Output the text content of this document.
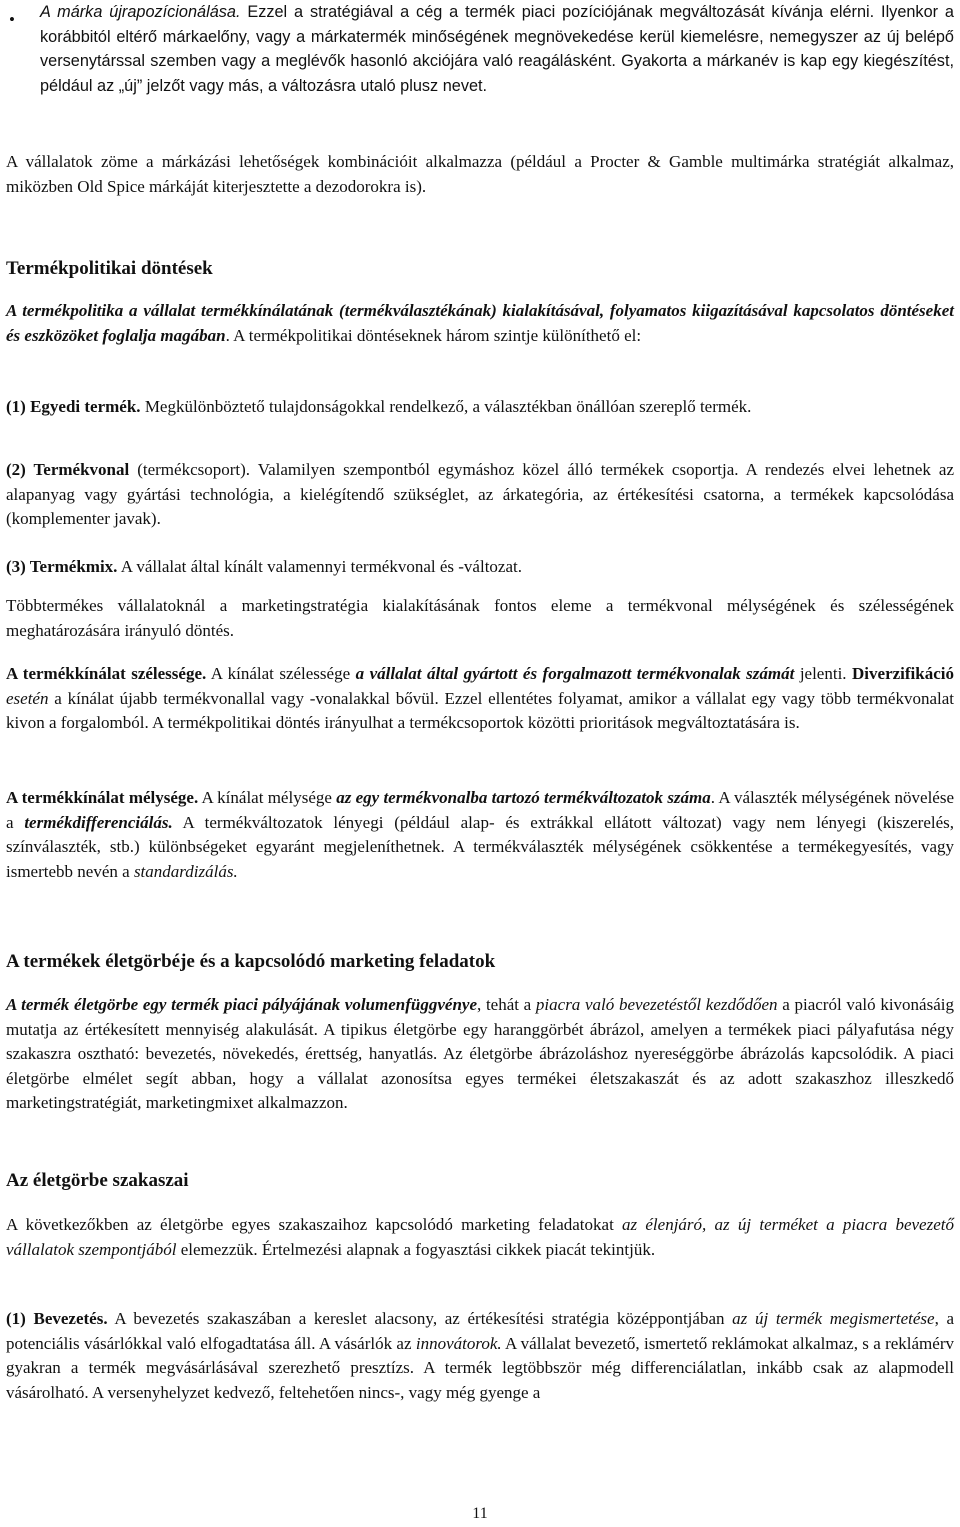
• A márka újrapozícionálása. Ezzel a stratégiával a cég a termék piaci pozíciójának megváltozását kívánja elérni. Ilyenkor a korábbitól eltérő márkaelőny, vagy a márkatermék minőségének megnövekedése kerül kiemelésre, nemegyszer az új belépő versenytárssal szemben vagy a meglévők hasonló akciójára való reagálásként. Gyakorta a márkanév is kap egy kiegészítést, például az „új” jelzőt vagy más, a változásra utaló plusz nevet.

A vállalatok zöme a márkázási lehetőségek kombinációit alkalmazza (például a Procter & Gamble multimárka stratégiát alkalmaz, miközben Old Spice márkáját kiterjesztette a dezodorokra is).

Termékpolitikai döntések

A termékpolitika a vállalat termékkínálatának (termékválasztékának) kialakításával, folyamatos kiigazításával kapcsolatos döntéseket és eszközöket foglalja magában. A termékpolitikai döntéseknek három szintje különíthető el:

(1) Egyedi termék. Megkülönböztető tulajdonságokkal rendelkező, a választékban önállóan szereplő termék.

(2) Termékvonal (termékcsoport). Valamilyen szempontból egymáshoz közel álló termékek csoportja. A rendezés elvei lehetnek az alapanyag vagy gyártási technológia, a kielégítendő szükséglet, az árkategória, az értékesítési csatorna, a termékek kapcsolódása (komplementer javak).

(3) Termékmix. A vállalat által kínált valamennyi termékvonal és -változat.

Többtermékes vállalatoknál a marketingstratégia kialakításának fontos eleme a termékvonal mélységének és szélességének meghatározására irányuló döntés.

A termékkínálat szélessége. A kínálat szélessége a vállalat által gyártott és forgalmazott termékvonalak számát jelenti. Diverzifikáció esetén a kínálat újabb termékvonallal vagy -vonalakkal bővül. Ezzel ellentétes folyamat, amikor a vállalat egy vagy több termékvonalat kivon a forgalomból. A termékpolitikai döntés irányulhat a termékcsoportok közötti prioritások megváltoztatására is.

A termékkínálat mélysége. A kínálat mélysége az egy termékvonalba tartozó termékváltozatok száma. A választék mélységének növelése a termékdifferenciálás. A termékváltozatok lényegi (például alap- és extrákkal ellátott változat) vagy nem lényegi (kiszerelés, színválaszték, stb.) különbségeket egyaránt megjeleníthetnek. A termékválaszték mélységének csökkentése a termékegyesítés, vagy ismertebb nevén a standardizálás.

A termékek életgörbéje és a kapcsolódó marketing feladatok

A termék életgörbe egy termék piaci pályájának volumenfüggvénye, tehát a piacra való bevezetéstől kezdődően a piacról való kivonásáig mutatja az értékesített mennyiség alakulását. A tipikus életgörbe egy haranggörbét ábrázol, amelyen a termékek piaci pályafutása négy szakaszra osztható: bevezetés, növekedés, érettség, hanyatlás. Az életgörbe ábrázoláshoz nyereséggörbe ábrázolás kapcsolódik. A piaci életgörbe elmélet segít abban, hogy a vállalat azonosítsa egyes termékei életszakaszát és az adott szakaszhoz illeszkedő marketingstratégiát, marketingmixet alkalmazzon.

Az életgörbe szakaszai

A következőkben az életgörbe egyes szakaszaihoz kapcsolódó marketing feladatokat az élenjáró, az új terméket a piacra bevezető vállalatok szempontjából elemezzük. Értelmezési alapnak a fogyasztási cikkek piacát tekintjük.

(1) Bevezetés. A bevezetés szakaszában a kereslet alacsony, az értékesítési stratégia középpontjában az új termék megismertetése, a potenciális vásárlókkal való elfogadtatása áll. A vásárlók az innovátorok. A vállalat bevezető, ismertető reklámokat alkalmaz, s a reklámérv gyakran a termék megvásárlásával szerezhető presztízs. A termék legtöbbször még differenciálatlan, inkább csak az alapmodell vásárolható. A versenyhelyzet kedvező, feltehetően nincs-, vagy még gyenge a

11
